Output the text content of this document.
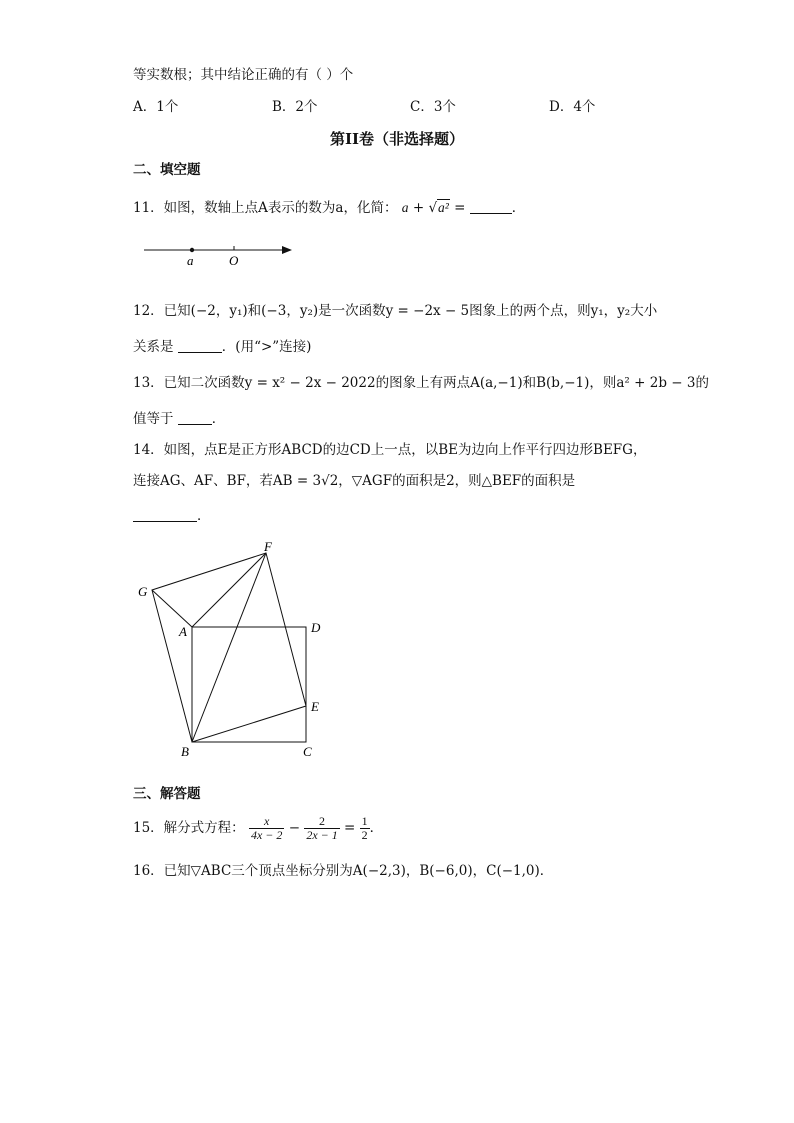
等实数根；其中结论正确的有（ ）个
A．1个	B．2个	C．3个	D．4个
第II卷（非选择题）
二、填空题
11．如图，数轴上点A表示的数为a，化简： a + √a² =	．
a	O
12．已知(−2，y₁)和(−3，y₂)是一次函数y = −2x − 5图象上的两个点，则y₁，y₂大小
关系是	．(用“>”连接)
13．已知二次函数y = x² − 2x − 2022的图象上有两点A(a,−1)和B(b,−1)，则a² + 2b − 3的
值等于	．
14．如图，点E是正方形ABCD的边CD上一点，以BE为边向上作平行四边形BEFG，
连接AG、AF、BF，若AB = 3√2，▽AGF的面积是2，则△BEF的面积是
．
F
G
A	D
E
B	C
三、解答题
15．解分式方程： $\frac{x}{4x - 2} - \frac{2}{2x - 1} = \frac{1}{2}$ ．
16．已知▽ABC三个顶点坐标分别为A(−2,3)，B(−6,0)，C(−1,0)．
